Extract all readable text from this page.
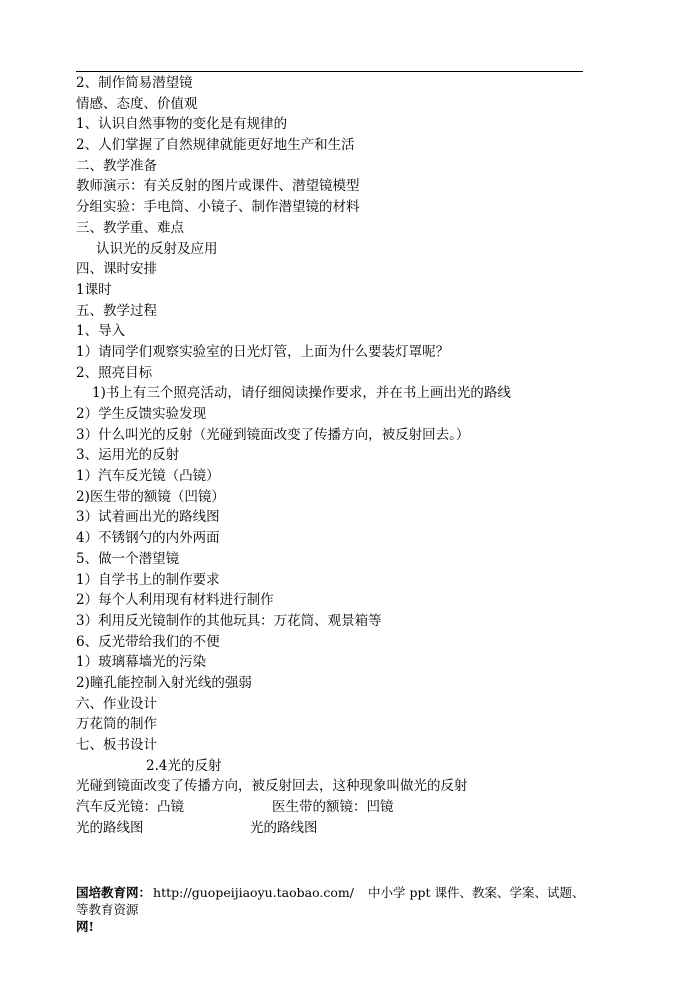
2、制作简易潜望镜
情感、态度、价值观
1、认识自然事物的变化是有规律的
2、人们掌握了自然规律就能更好地生产和生活
二、教学准备
教师演示：有关反射的图片或课件、潜望镜模型
分组实验：手电筒、小镜子、制作潜望镜的材料
三、教学重、难点
认识光的反射及应用
四、课时安排
1课时
五、教学过程
1、导入
1）请同学们观察实验室的日光灯管，上面为什么要装灯罩呢？
2、照亮目标
1)书上有三个照亮活动，请仔细阅读操作要求，并在书上画出光的路线
2）学生反馈实验发现
3）什么叫光的反射（光碰到镜面改变了传播方向，被反射回去。）
3、运用光的反射
1）汽车反光镜（凸镜）
2)医生带的额镜（凹镜）
3）试着画出光的路线图
4）不锈钢勺的内外两面
5、做一个潜望镜
1）自学书上的制作要求
2）每个人利用现有材料进行制作
3）利用反光镜制作的其他玩具：万花筒、观景箱等
6、反光带给我们的不便
1）玻璃幕墙光的污染
2)瞳孔能控制入射光线的强弱
六、作业设计
万花筒的制作
七、板书设计
2.4光的反射
光碰到镜面改变了传播方向，被反射回去，这种现象叫做光的反射
汽车反光镜：凸镜	医生带的额镜：凹镜
光的路线图	光的路线图
国培教育网： http://guopeijiaoyu.taobao.com/ 中小学 ppt 课件、教案、学案、试题、等教育资源
网!
